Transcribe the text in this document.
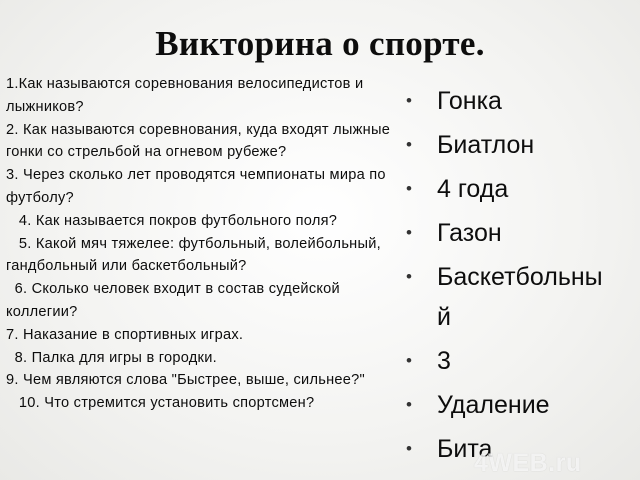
Викторина о спорте.
1.Как называются соревнования велосипедистов и лыжников?
2. Как называются соревнования, куда входят лыжные гонки со стрельбой на огневом рубеже?
3. Через сколько лет проводятся чемпионаты мира по футболу?
4. Как называется покров футбольного поля?
5. Какой мяч тяжелее: футбольный, волейбольный, гандбольный или баскетбольный?
6. Сколько человек входит в состав судейской коллегии?
7. Наказание в спортивных играх.
8. Палка для игры в городки.
9. Чем являются слова "Быстрее, выше, сильнее?"
10. Что стремится установить спортсмен?
• Гонка
• Биатлон
• 4 года
• Газон
• Баскетбольный
• 3
• Удаление
• Бита
4WEB.ru
